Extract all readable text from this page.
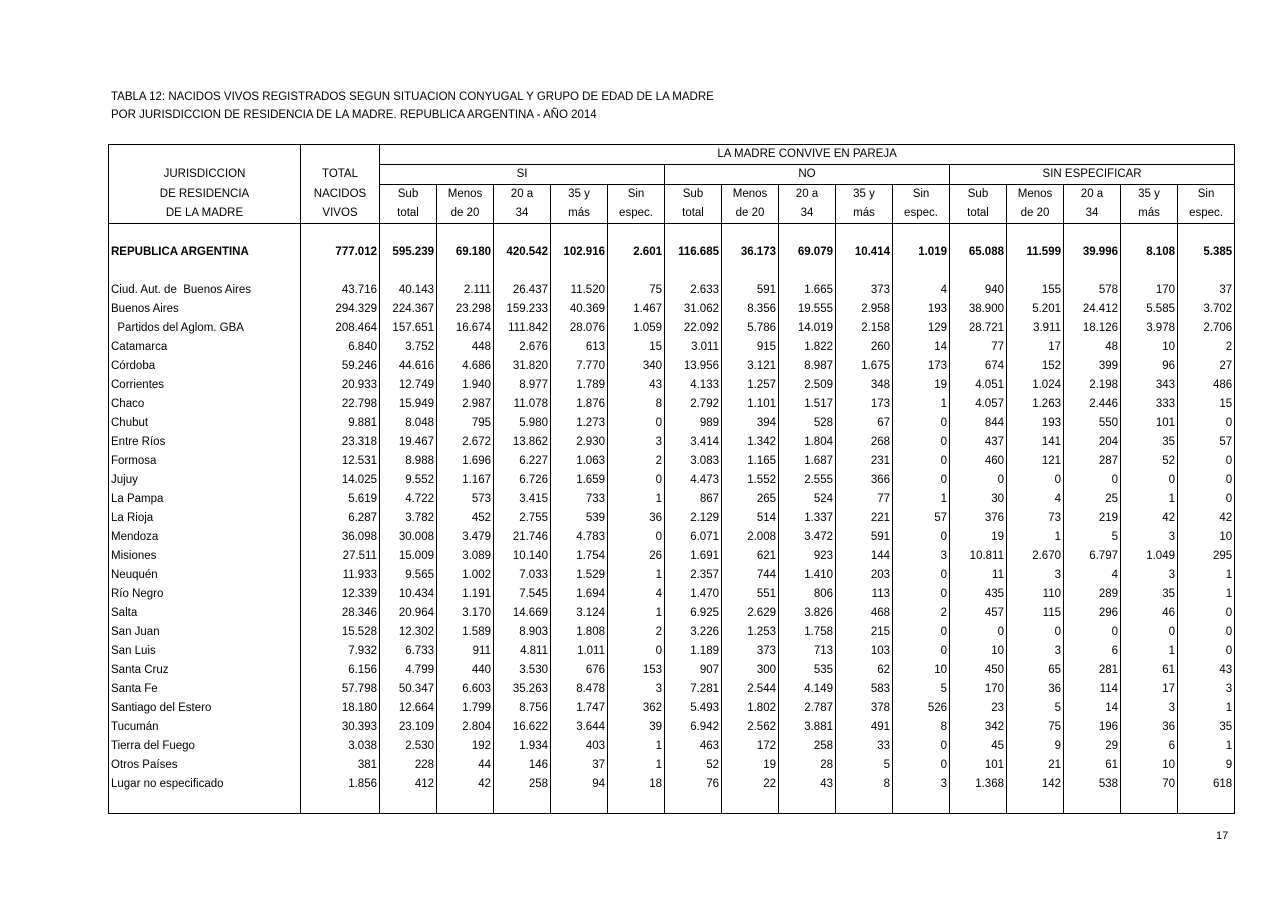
TABLA 12: NACIDOS VIVOS REGISTRADOS SEGUN SITUACION CONYUGAL Y GRUPO DE EDAD DE LA MADRE
POR JURISDICCION DE RESIDENCIA DE LA MADRE. REPUBLICA ARGENTINA - AÑO 2014
		LA MADRE CONVIVE EN PAREJA														
JURISDICCION	TOTAL	SI					NO					SIN ESPECIFICAR				
DE RESIDENCIA	NACIDOS	Sub	Menos	20 a	35 y	Sin	Sub	Menos	20 a	35 y	Sin	Sub	Menos	20 a	35 y	Sin
DE LA MADRE	VIVOS	total	de 20	34	más	espec.	total	de 20	34	más	espec.	total	de 20	34	más	espec.

REPUBLICA ARGENTINA	777.012	595.239	69.180	420.542	102.916	2.601	116.685	36.173	69.079	10.414	1.019	65.088	11.599	39.996	8.108	5.385

Ciud. Aut. de  Buenos Aires	43.716	40.143	2.111	26.437	11.520	75	2.633	591	1.665	373	4	940	155	578	170	37
Buenos Aires	294.329	224.367	23.298	159.233	40.369	1.467	31.062	8.356	19.555	2.958	193	38.900	5.201	24.412	5.585	3.702
Partidos del Aglom. GBA	208.464	157.651	16.674	111.842	28.076	1.059	22.092	5.786	14.019	2.158	129	28.721	3.911	18.126	3.978	2.706
Catamarca	6.840	3.752	448	2.676	613	15	3.011	915	1.822	260	14	77	17	48	10	2
Córdoba	59.246	44.616	4.686	31.820	7.770	340	13.956	3.121	8.987	1.675	173	674	152	399	96	27
Corrientes	20.933	12.749	1.940	8.977	1.789	43	4.133	1.257	2.509	348	19	4.051	1.024	2.198	343	486
Chaco	22.798	15.949	2.987	11.078	1.876	8	2.792	1.101	1.517	173	1	4.057	1.263	2.446	333	15
Chubut	9.881	8.048	795	5.980	1.273	0	989	394	528	67	0	844	193	550	101	0
Entre Ríos	23.318	19.467	2.672	13.862	2.930	3	3.414	1.342	1.804	268	0	437	141	204	35	57
Formosa	12.531	8.988	1.696	6.227	1.063	2	3.083	1.165	1.687	231	0	460	121	287	52	0
Jujuy	14.025	9.552	1.167	6.726	1.659	0	4.473	1.552	2.555	366	0	0	0	0	0	0
La Pampa	5.619	4.722	573	3.415	733	1	867	265	524	77	1	30	4	25	1	0
La Rioja	6.287	3.782	452	2.755	539	36	2.129	514	1.337	221	57	376	73	219	42	42
Mendoza	36.098	30.008	3.479	21.746	4.783	0	6.071	2.008	3.472	591	0	19	1	5	3	10
Misiones	27.511	15.009	3.089	10.140	1.754	26	1.691	621	923	144	3	10.811	2.670	6.797	1.049	295
Neuquén	11.933	9.565	1.002	7.033	1.529	1	2.357	744	1.410	203	0	11	3	4	3	1
Río Negro	12.339	10.434	1.191	7.545	1.694	4	1.470	551	806	113	0	435	110	289	35	1
Salta	28.346	20.964	3.170	14.669	3.124	1	6.925	2.629	3.826	468	2	457	115	296	46	0
San Juan	15.528	12.302	1.589	8.903	1.808	2	3.226	1.253	1.758	215	0	0	0	0	0	0
San Luis	7.932	6.733	911	4.811	1.011	0	1.189	373	713	103	0	10	3	6	1	0
Santa Cruz	6.156	4.799	440	3.530	676	153	907	300	535	62	10	450	65	281	61	43
Santa Fe	57.798	50.347	6.603	35.263	8.478	3	7.281	2.544	4.149	583	5	170	36	114	17	3
Santiago del Estero	18.180	12.664	1.799	8.756	1.747	362	5.493	1.802	2.787	378	526	23	5	14	3	1
Tucumán	30.393	23.109	2.804	16.622	3.644	39	6.942	2.562	3.881	491	8	342	75	196	36	35
Tierra del Fuego	3.038	2.530	192	1.934	403	1	463	172	258	33	0	45	9	29	6	1
Otros Países	381	228	44	146	37	1	52	19	28	5	0	101	21	61	10	9
Lugar no especificado	1.856	412	42	258	94	18	76	22	43	8	3	1.368	142	538	70	618

17
